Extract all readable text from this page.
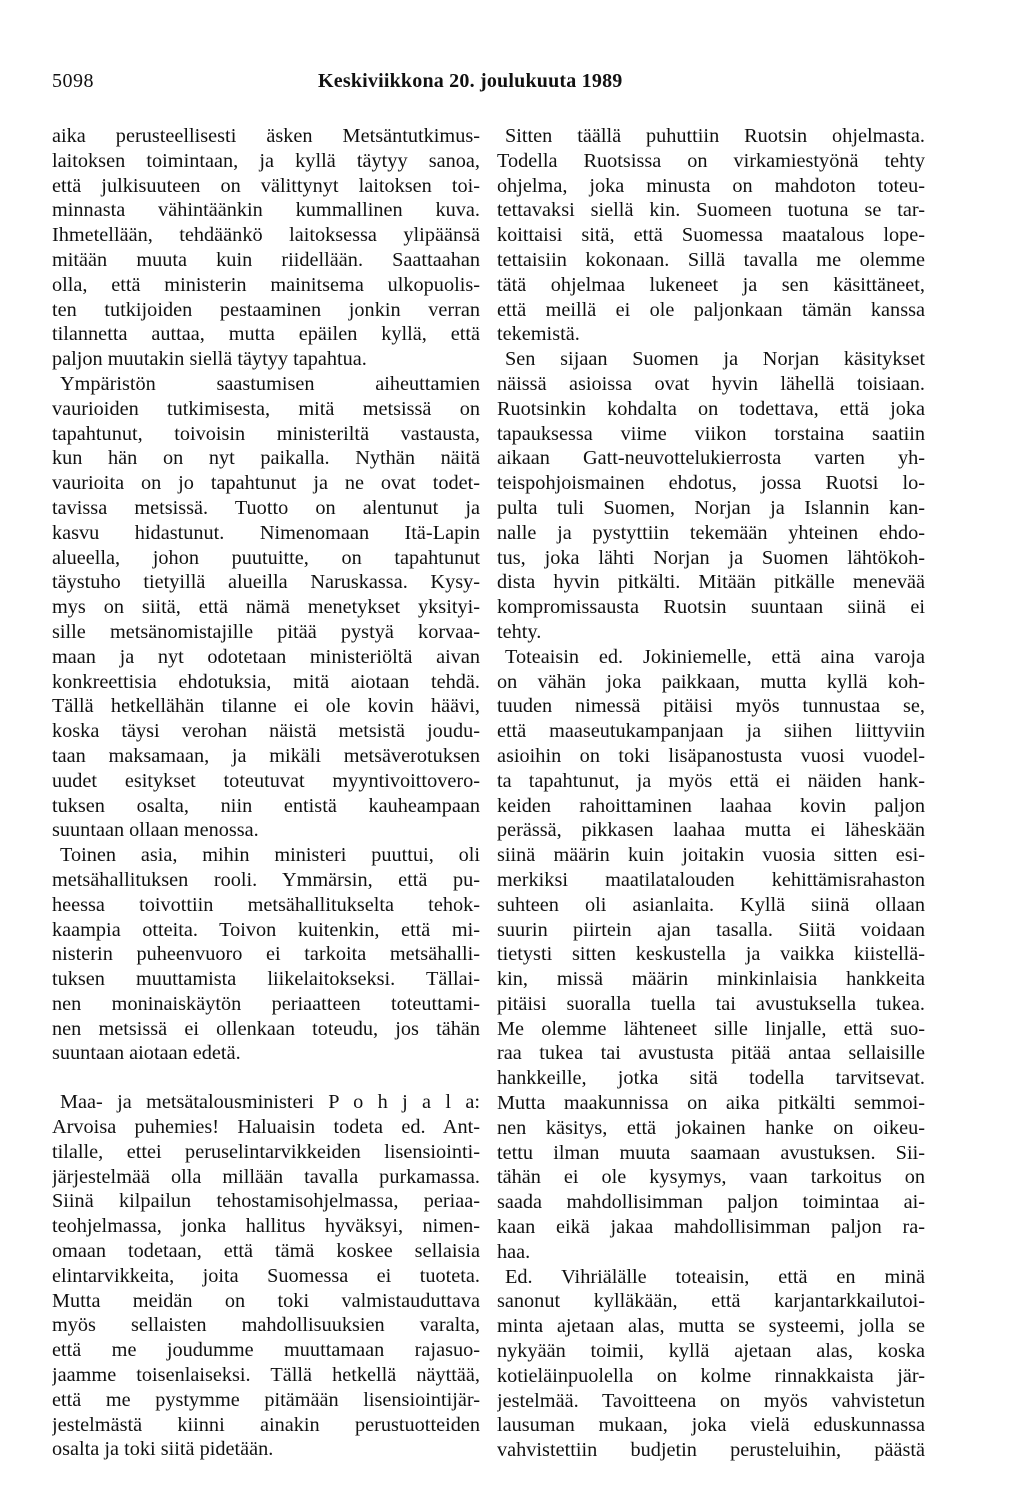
5098	Keskiviikkona 20. joulukuuta 1989
aika perusteellisesti äsken Metsäntutkimus-
laitoksen toimintaan, ja kyllä täytyy sanoa,
että julkisuuteen on välittynyt laitoksen toi-
minnasta vähintäänkin kummallinen kuva.
Ihmetellään, tehdäänkö laitoksessa ylipäänsä
mitään muuta kuin riidellään. Saattaahan
olla, että ministerin mainitsema ulkopuolis-
ten tutkijoiden pestaaminen jonkin verran
tilannetta auttaa, mutta epäilen kyllä, että
paljon muutakin siellä täytyy tapahtua.
Ympäristön saastumisen aiheuttamien
vaurioiden tutkimisesta, mitä metsissä on
tapahtunut, toivoisin ministeriltä vastausta,
kun hän on nyt paikalla. Nythän näitä
vaurioita on jo tapahtunut ja ne ovat todet-
tavissa metsissä. Tuotto on alentunut ja
kasvu hidastunut. Nimenomaan Itä-Lapin
alueella, johon puutuitte, on tapahtunut
täystuho tietyillä alueilla Naruskassa. Kysy-
mys on siitä, että nämä menetykset yksityi-
sille metsänomistajille pitää pystyä korvaa-
maan ja nyt odotetaan ministeriöltä aivan
konkreettisia ehdotuksia, mitä aiotaan tehdä.
Tällä hetkellähän tilanne ei ole kovin häävi,
koska täysi verohan näistä metsistä joudu-
taan maksamaan, ja mikäli metsäverotuksen
uudet esitykset toteutuvat myyntivoittovero-
tuksen osalta, niin entistä kauheampaan
suuntaan ollaan menossa.
Toinen asia, mihin ministeri puuttui, oli
metsähallituksen rooli. Ymmärsin, että pu-
heessa toivottiin metsähallitukselta tehok-
kaampia otteita. Toivon kuitenkin, että mi-
nisterin puheenvuoro ei tarkoita metsähalli-
tuksen muuttamista liikelaitokseksi. Tällai-
nen moninaiskäytön periaatteen toteuttami-
nen metsissä ei ollenkaan toteudu, jos tähän
suuntaan aiotaan edetä.
Maa- ja metsätalousministeri P o h j a l a:
Arvoisa puhemies! Haluaisin todeta ed. Ant-
tilalle, ettei peruselintarvikkeiden lisensiointi-
järjestelmää olla millään tavalla purkamassa.
Siinä kilpailun tehostamisohjelmassa, periaa-
teohjelmassa, jonka hallitus hyväksyi, nimen-
omaan todetaan, että tämä koskee sellaisia
elintarvikkeita, joita Suomessa ei tuoteta.
Mutta meidän on toki valmistauduttava
myös sellaisten mahdollisuuksien varalta,
että me joudumme muuttamaan rajasuo-
jaamme toisenlaiseksi. Tällä hetkellä näyttää,
että me pystymme pitämään lisensiointijär-
jestelmästä kiinni ainakin perustuotteiden
osalta ja toki siitä pidetään.
Sitten täällä puhuttiin Ruotsin ohjelmasta.
Todella Ruotsissa on virkamiestyönä tehty
ohjelma, joka minusta on mahdoton toteu-
tettavaksi siellä kin. Suomeen tuotuna se tar-
koittaisi sitä, että Suomessa maatalous lope-
tettaisiin kokonaan. Sillä tavalla me olemme
tätä ohjelmaa lukeneet ja sen käsittäneet,
että meillä ei ole paljonkaan tämän kanssa
tekemistä.
Sen sijaan Suomen ja Norjan käsitykset
näissä asioissa ovat hyvin lähellä toisiaan.
Ruotsinkin kohdalta on todettava, että joka
tapauksessa viime viikon torstaina saatiin
aikaan Gatt-neuvottelukierrosta varten yh-
teispohjoismainen ehdotus, jossa Ruotsi lo-
pulta tuli Suomen, Norjan ja Islannin kan-
nalle ja pystyttiin tekemään yhteinen ehdo-
tus, joka lähti Norjan ja Suomen lähtökoh-
dista hyvin pitkälti. Mitään pitkälle menevää
kompromissausta Ruotsin suuntaan siinä ei
tehty.
Toteaisin ed. Jokiniemelle, että aina varoja
on vähän joka paikkaan, mutta kyllä koh-
tuuden nimessä pitäisi myös tunnustaa se,
että maaseutukampanjaan ja siihen liittyviin
asioihin on toki lisäpanostusta vuosi vuodel-
ta tapahtunut, ja myös että ei näiden hank-
keiden rahoittaminen laahaa kovin paljon
perässä, pikkasen laahaa mutta ei läheskään
siinä määrin kuin joitakin vuosia sitten esi-
merkiksi maatilatalouden kehittämisrahaston
suhteen oli asianlaita. Kyllä siinä ollaan
suurin piirtein ajan tasalla. Siitä voidaan
tietysti sitten keskustella ja vaikka kiistellä-
kin, missä määrin minkinlaisia hankkeita
pitäisi suoralla tuella tai avustuksella tukea.
Me olemme lähteneet sille linjalle, että suo-
raa tukea tai avustusta pitää antaa sellaisille
hankkeille, jotka sitä todella tarvitsevat.
Mutta maakunnissa on aika pitkälti semmoi-
nen käsitys, että jokainen hanke on oikeu-
tettu ilman muuta saamaan avustuksen. Sii-
tähän ei ole kysymys, vaan tarkoitus on
saada mahdollisimman paljon toimintaa ai-
kaan eikä jakaa mahdollisimman paljon ra-
haa.
Ed. Vihriälälle toteaisin, että en minä
sanonut kylläkään, että karjantarkkailutoi-
minta ajetaan alas, mutta se systeemi, jolla se
nykyään toimii, kyllä ajetaan alas, koska
kotieläinpuolella on kolme rinnakkaista jär-
jestelmää. Tavoitteena on myös vahvistetun
lausuman mukaan, joka vielä eduskunnassa
vahvistettiin budjetin perusteluihin, päästä
